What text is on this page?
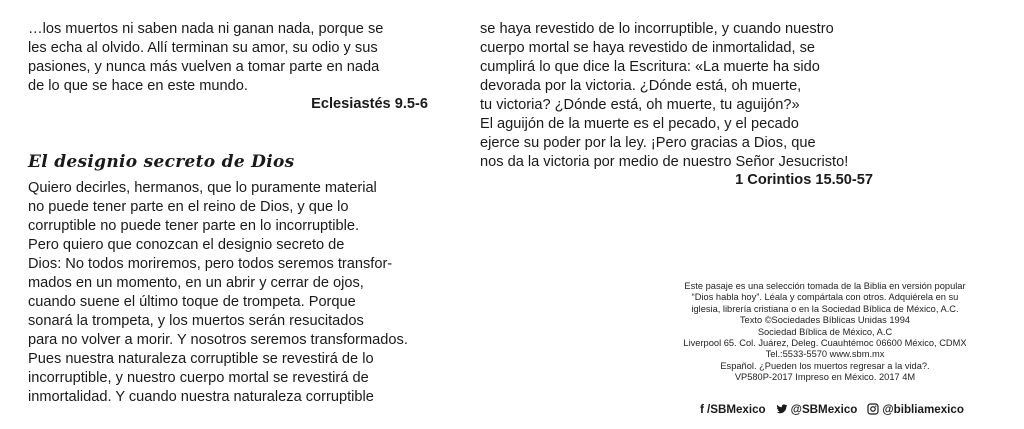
…los muertos ni saben nada ni ganan nada, porque se
les echa al olvido. Allí terminan su amor, su odio y sus
pasiones, y nunca más vuelven a tomar parte en nada
de lo que se hace en este mundo.

Eclesiastés 9.5-6

El designio secreto de Dios

Quiero decirles, hermanos, que lo puramente material
no puede tener parte en el reino de Dios, y que lo
corruptible no puede tener parte en lo incorruptible.
Pero quiero que conozcan el designio secreto de
Dios: No todos moriremos, pero todos seremos transfor-
mados en un momento, en un abrir y cerrar de ojos,
cuando suene el último toque de trompeta. Porque
sonará la trompeta, y los muertos serán resucitados
para no volver a morir. Y nosotros seremos transformados.
Pues nuestra naturaleza corruptible se revestirá de lo
incorruptible, y nuestro cuerpo mortal se revestirá de
inmortalidad. Y cuando nuestra naturaleza corruptible

se haya revestido de lo incorruptible, y cuando nuestro
cuerpo mortal se haya revestido de inmortalidad, se
cumplirá lo que dice la Escritura: «La muerte ha sido
devorada por la victoria. ¿Dónde está, oh muerte,
tu victoria? ¿Dónde está, oh muerte, tu aguijón?»
El aguijón de la muerte es el pecado, y el pecado
ejerce su poder por la ley. ¡Pero gracias a Dios, que
nos da la victoria por medio de nuestro Señor Jesucristo!

1 Corintios 15.50-57

Este pasaje es una selección tomada de la Biblia en versión popular
“Dios habla hoy”. Léala y compártala con otros. Adquiérela en su
iglesia, librería cristiana o en la Sociedad Bíblica de México, A.C.
Texto ©Sociedades Bíblicas Unidas 1994
Sociedad Bíblica de México, A.C
Liverpool 65. Col. Juárez, Deleg. Cuauhtémoc 06600 México, CDMX
Tel.:5533-5570 www.sbm.mx
Español. ¿Pueden los muertos regresar a la vida?.
VP580P-2017 Impreso en México. 2017 4M
f /SBMexico @SBMexico @bibliamexico
